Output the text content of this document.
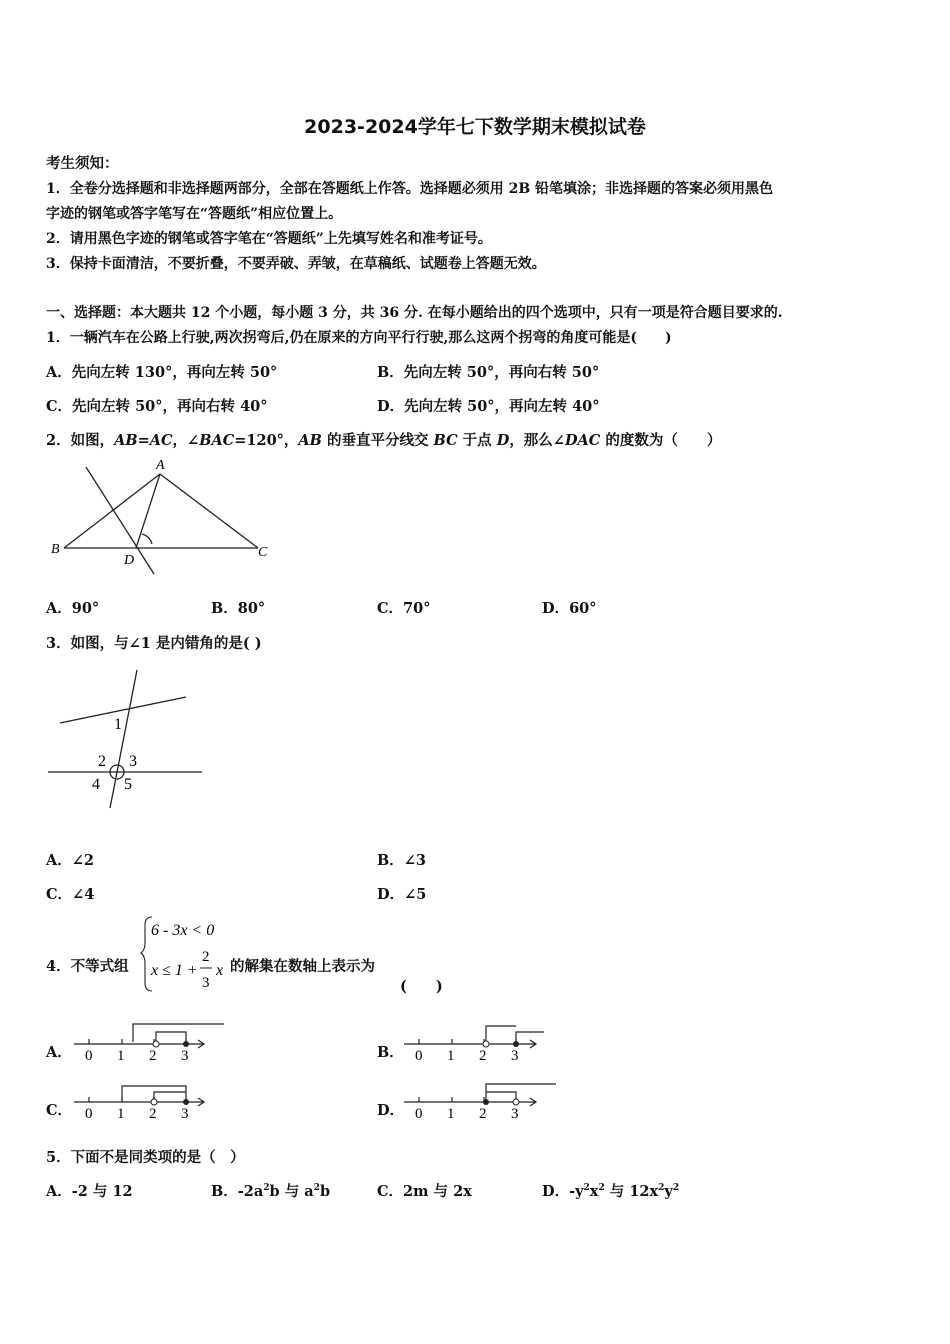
2023-2024学年七下数学期末模拟试卷
考生须知：
1．全卷分选择题和非选择题两部分，全部在答题纸上作答。选择题必须用 2B 铅笔填涂；非选择题的答案必须用黑色
字迹的钢笔或答字笔写在“答题纸”相应位置上。
2．请用黑色字迹的钢笔或答字笔在“答题纸”上先填写姓名和准考证号。
3．保持卡面清洁，不要折叠，不要弄破、弄皱，在草稿纸、试题卷上答题无效。
一、选择题：本大题共 12 个小题，每小题 3 分，共 36 分. 在每小题给出的四个选项中，只有一项是符合题目要求的.
1．一辆汽车在公路上行驶,两次拐弯后,仍在原来的方向平行行驶,那么这两个拐弯的角度可能是(　　)
A．先向左转 130°，再向左转 50°	B．先向左转 50°，再向右转 50°
C．先向左转 50°，再向右转 40°	D．先向左转 50°，再向左转 40°
2．如图，AB=AC，∠BAC=120°，AB 的垂直平分线交 BC 于点 D，那么∠DAC 的度数为（　　）
A
B	C
D
A．90°	B．80°	C．70°	D．60°
3．如图，与∠1 是内错角的是( )
1
2 3
4 5
A．∠2	B．∠3
C．∠4	D．∠5
4．不等式组
6 - 3x < 0
x ≤ 1 +
2
3
x 的解集在数轴上表示为
(　　)
A． 0 1 2 3	B． 0 1 2 3
C． 0 1 2 3	D． 0 1 2 3
5．下面不是同类项的是（　）
A．-2 与 12	B．$-2a^2b$ 与 $a^2b$	C．2m 与 2x	D．$-y^2x^2$ 与 $12x^2y^2$
